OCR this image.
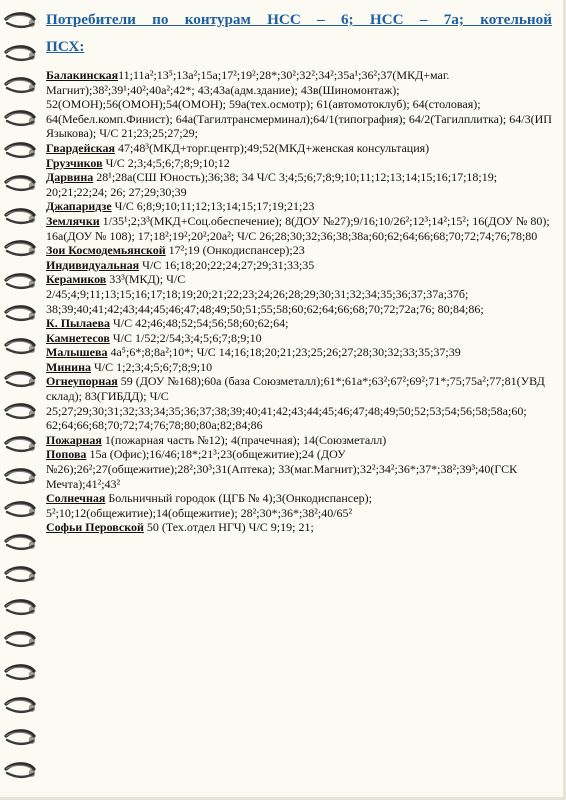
Потребители по контурам НСС – 6; НСС – 7а; котельной

ПСХ:

Балакинская11;11а²;13⁵;13а²;15а;17²;19²;28*;30²;32²;34²;35а¹;36²;37(МКД+маг. Магнит);38²;39¹;40²;40а²;42*; 43;43а(адм.здание); 43в(Шиномонтаж); 52(ОМОН);56(ОМОН);54(ОМОН); 59а(тех.осмотр); 61(автомотоклуб); 64(столовая); 64(Мебел.комп.Финист); 64а(Тагилтрансмерминал);64/1(типография); 64/2(Тагилплитка); 64/3(ИП Языкова); Ч/С 21;23;25;27;29;

Гвардейская 47;48³(МКД+торг.центр);49;52(МКД+женская консультация)

Грузчиков Ч/С 2;3;4;5;6;7;8;9;10;12

Дарвина 28¹;28а(СШ Юность);36;38; 34 Ч/С 3;4;5;6;7;8;9;10;11;12;13;14;15;16;17;18;19; 20;21;22;24; 26; 27;29;30;39

Джапаридзе Ч/С 6;8;9;10;11;12;13;14;15;17;19;21;23

Землячки 1/35¹;2;3³(МКД+Соц.обеспечение); 8(ДОУ №27);9/16;10/26²;12³;14²;15²; 16(ДОУ № 80); 16а(ДОУ № 108); 17;18²;19²;20²;20а²; Ч/С 26;28;30;32;36;38;38а;60;62;64;66;68;70;72;74;76;78;80

Зои Космодемьянской 17²;19 (Онкодиспансер);23

Индивидуальная Ч/С 16;18;20;22;24;27;29;31;33;35

Керамиков 33³(МКД); Ч/С 2/45;4;9;11;13;15;16;17;18;19;20;21;22;23;24;26;28;29;30;31;32;34;35;36;37;37а;37б; 38;39;40;41;42;43;44;45;46;47;48;49;50;51;55;58;60;62;64;66;68;70;72;72а;76; 80;84;86;

К. Пылаева Ч/С 42;46;48;52;54;56;58;60;62;64;

Камнетесов Ч/С 1/52;2/54;3;4;5;6;7;8;9;10

Малышева 4а⁵;6*;8;8а²;10*; Ч/С 14;16;18;20;21;23;25;26;27;28;30;32;33;35;37;39

Минина Ч/С 1;2;3;4;5;6;7;8;9;10

Огнеупорная 59 (ДОУ №168);60а (база Союзметалл);61*;61а*;63²;67²;69²;71*;75;75а²;77;81(УВД склад); 83(ГИБДД); Ч/С 25;27;29;30;31;32;33;34;35;36;37;38;39;40;41;42;43;44;45;46;47;48;49;50;52;53;54;56;58;58а;60; 62;64;66;68;70;72;74;76;78;80;80а;82;84;86

Пожарная 1(пожарная часть №12); 4(прачечная); 14(Союзметалл)

Попова 15а (Офис);16/46;18*;21³;23(общежитие);24 (ДОУ №26);26²;27(общежитие);28²;30³;31(Аптека); 33(маг.Магнит);32²;34²;36*;37*;38²;39³;40(ГСК Мечта);41²;43²

Солнечная Больничный городок (ЦГБ № 4);3(Онкодиспансер); 5²;10;12(общежитие);14(общежитие); 28²;30*;36*;38²;40/65²

Софьи Перовской 50 (Тех.отдел НГЧ) Ч/С 9;19; 21;
